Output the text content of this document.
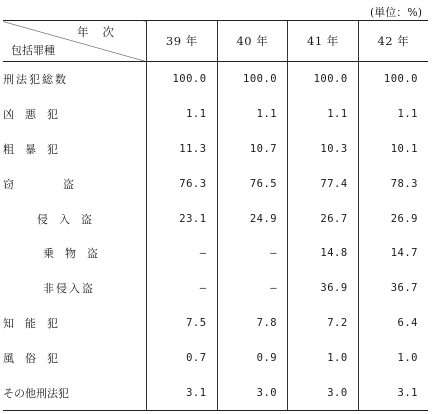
(単位：%)
年次
包括罪種	39 年	40 年	41 年	42 年
刑法犯総数	100.0	100.0	100.0	100.0
凶悪犯	1.1	1.1	1.1	1.1
粗暴犯	11.3	10.7	10.3	10.1
窃盗	76.3	76.5	77.4	78.3
侵入盗	23.1	24.9	26.7	26.9
乗物盗	—	—	14.8	14.7
非侵入盗	—	—	36.9	36.7
知能犯	7.5	7.8	7.2	6.4
風俗犯	0.7	0.9	1.0	1.0
その他刑法犯	3.1	3.0	3.0	3.1
